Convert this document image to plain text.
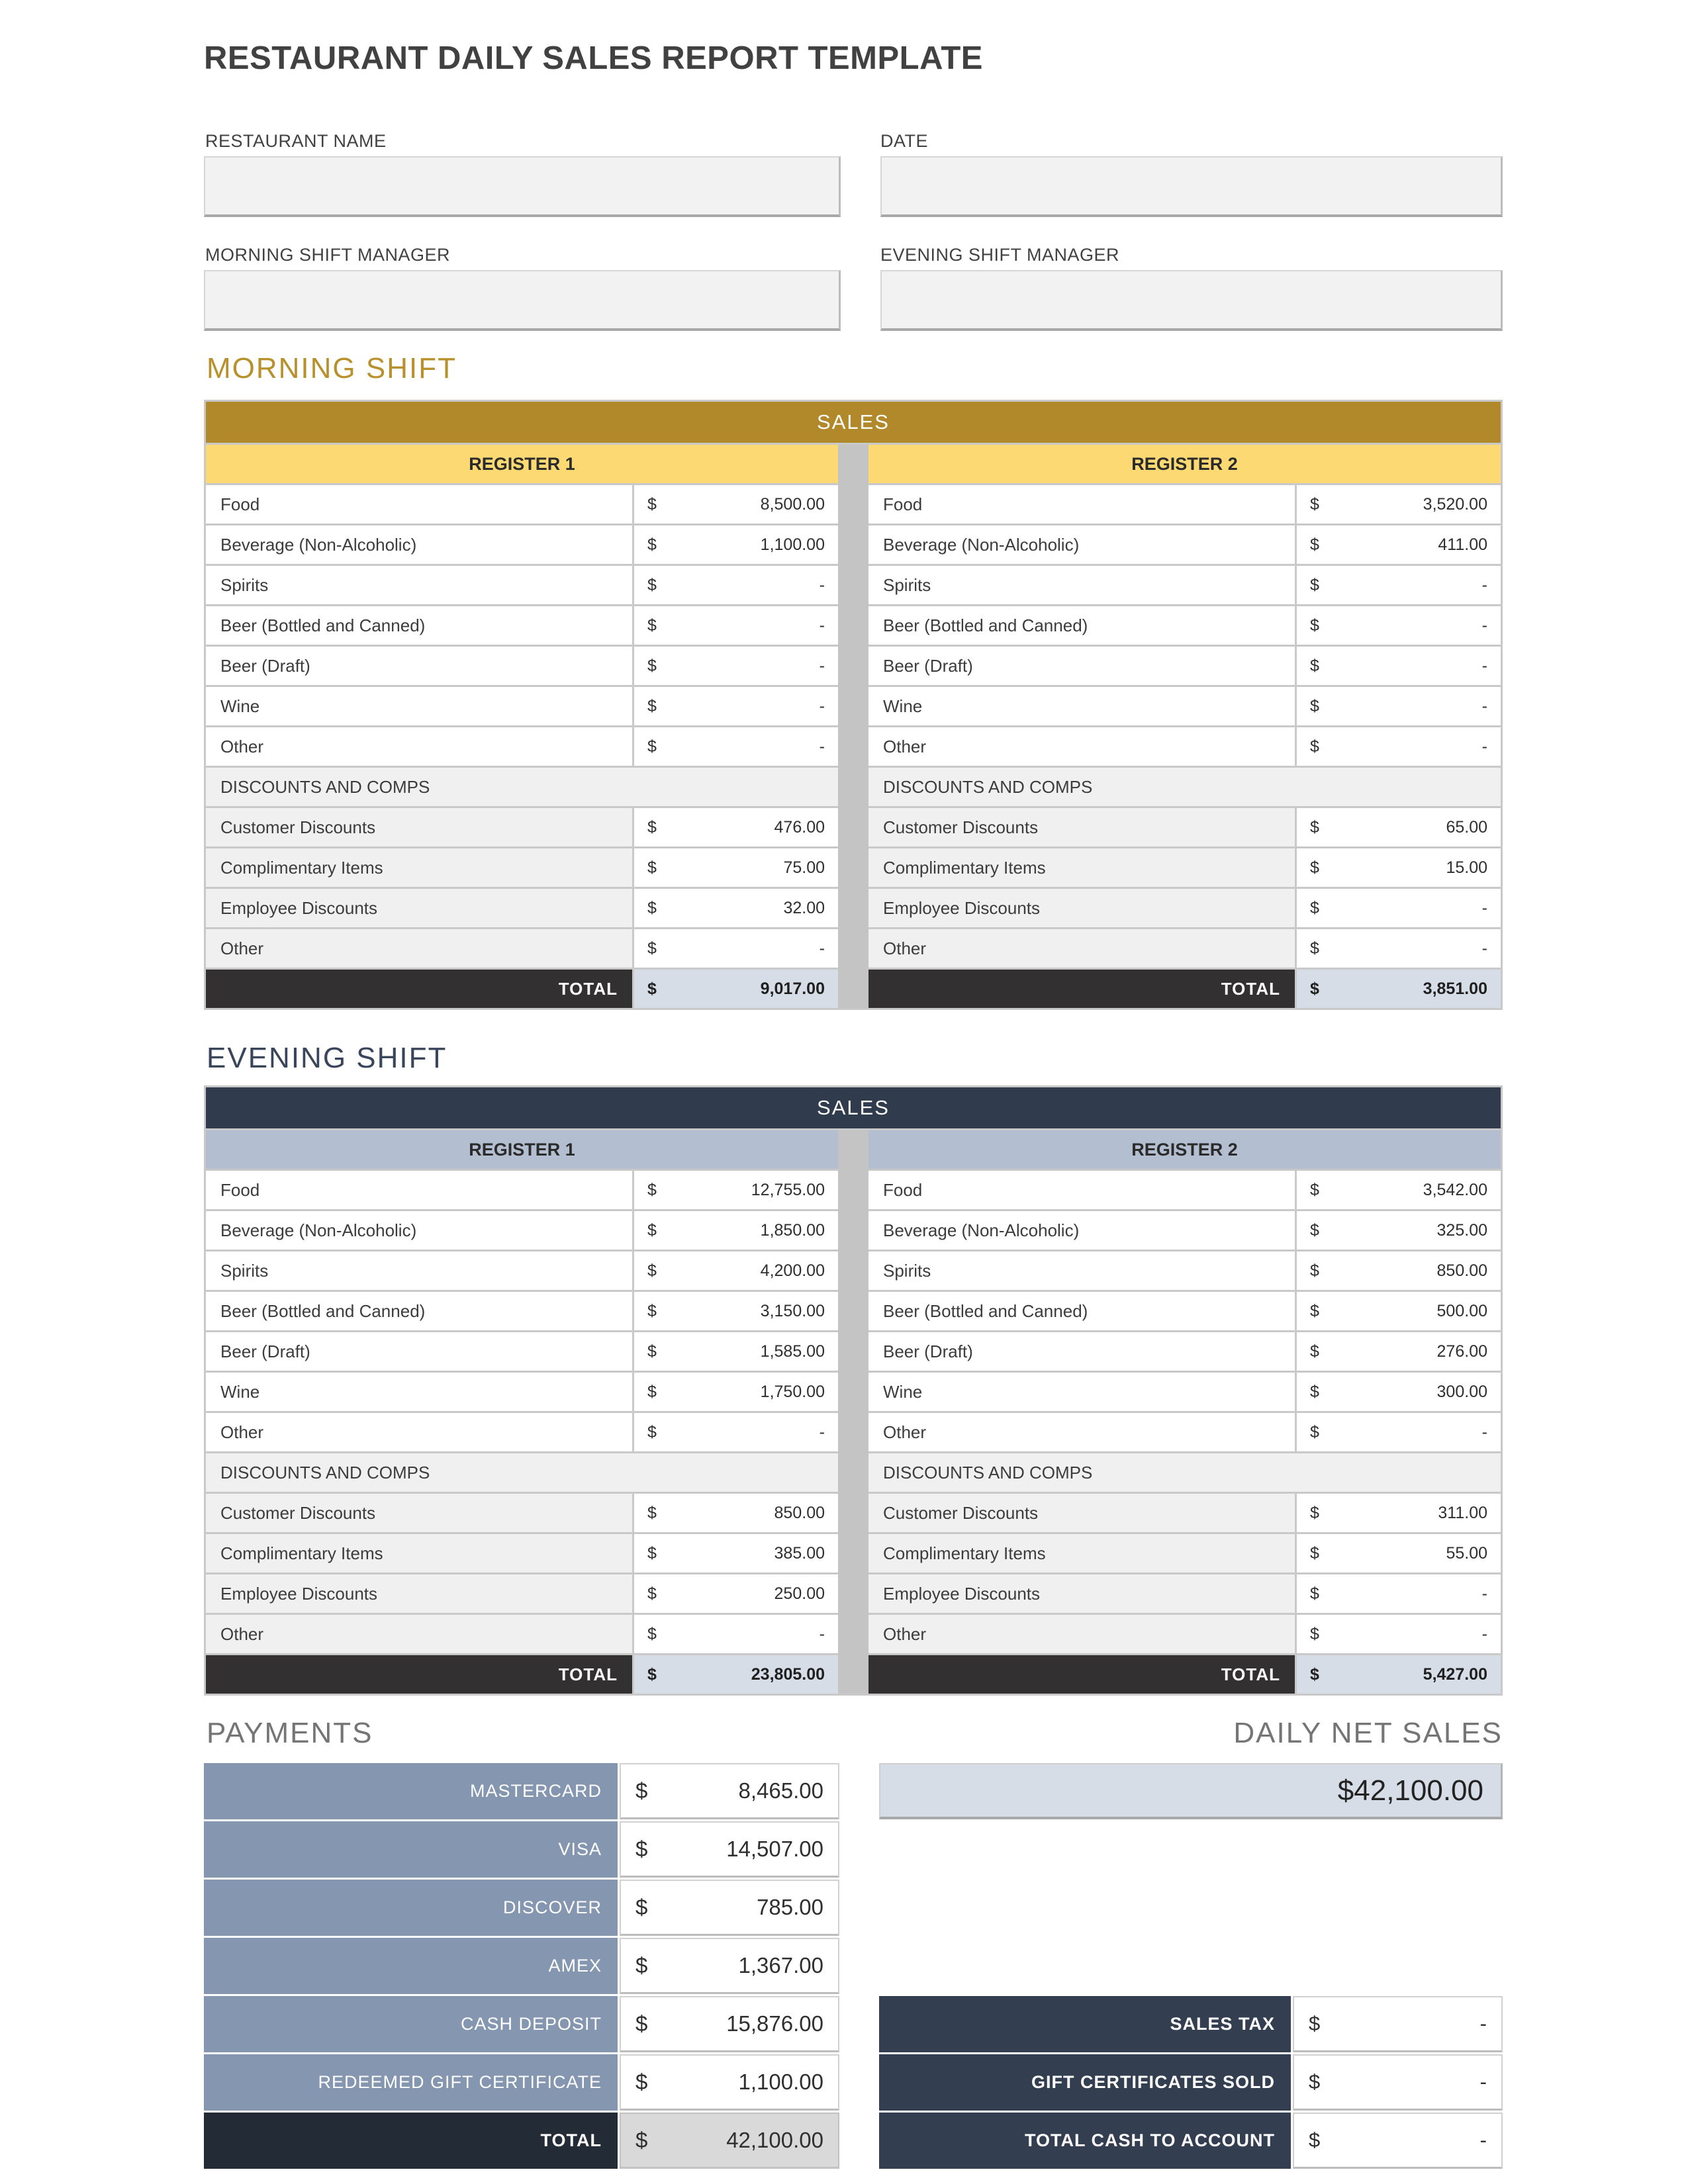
RESTAURANT DAILY SALES REPORT TEMPLATE
RESTAURANT NAME	DATE
MORNING SHIFT MANAGER	EVENING SHIFT MANAGER
MORNING SHIFT
SALES
REGISTER 1
Food	$	8,500.00
Beverage (Non-Alcoholic)	$	1,100.00
Spirits	$	-
Beer (Bottled and Canned)	$	-
Beer (Draft)	$	-
Wine	$	-
Other	$	-
DISCOUNTS AND COMPS
Customer Discounts	$	476.00
Complimentary Items	$	75.00
Employee Discounts	$	32.00
Other	$	-
TOTAL	$	9,017.00
REGISTER 2
Food	$	3,520.00
Beverage (Non-Alcoholic)	$	411.00
Spirits	$	-
Beer (Bottled and Canned)	$	-
Beer (Draft)	$	-
Wine	$	-
Other	$	-
DISCOUNTS AND COMPS
Customer Discounts	$	65.00
Complimentary Items	$	15.00
Employee Discounts	$	-
Other	$	-
TOTAL	$	3,851.00
EVENING SHIFT
SALES
REGISTER 1
Food	$	12,755.00
Beverage (Non-Alcoholic)	$	1,850.00
Spirits	$	4,200.00
Beer (Bottled and Canned)	$	3,150.00
Beer (Draft)	$	1,585.00
Wine	$	1,750.00
Other	$	-
DISCOUNTS AND COMPS
Customer Discounts	$	850.00
Complimentary Items	$	385.00
Employee Discounts	$	250.00
Other	$	-
TOTAL	$	23,805.00
REGISTER 2
Food	$	3,542.00
Beverage (Non-Alcoholic)	$	325.00
Spirits	$	850.00
Beer (Bottled and Canned)	$	500.00
Beer (Draft)	$	276.00
Wine	$	300.00
Other	$	-
DISCOUNTS AND COMPS
Customer Discounts	$	311.00
Complimentary Items	$	55.00
Employee Discounts	$	-
Other	$	-
TOTAL	$	5,427.00
PAYMENTS	DAILY NET SALES
MASTERCARD	$	8,465.00
VISA	$	14,507.00
DISCOVER	$	785.00
AMEX	$	1,367.00
CASH DEPOSIT	$	15,876.00
REDEEMED GIFT CERTIFICATE	$	1,100.00
TOTAL	$	42,100.00
$42,100.00
SALES TAX	$	-
GIFT CERTIFICATES SOLD	$	-
TOTAL CASH TO ACCOUNT	$	-
